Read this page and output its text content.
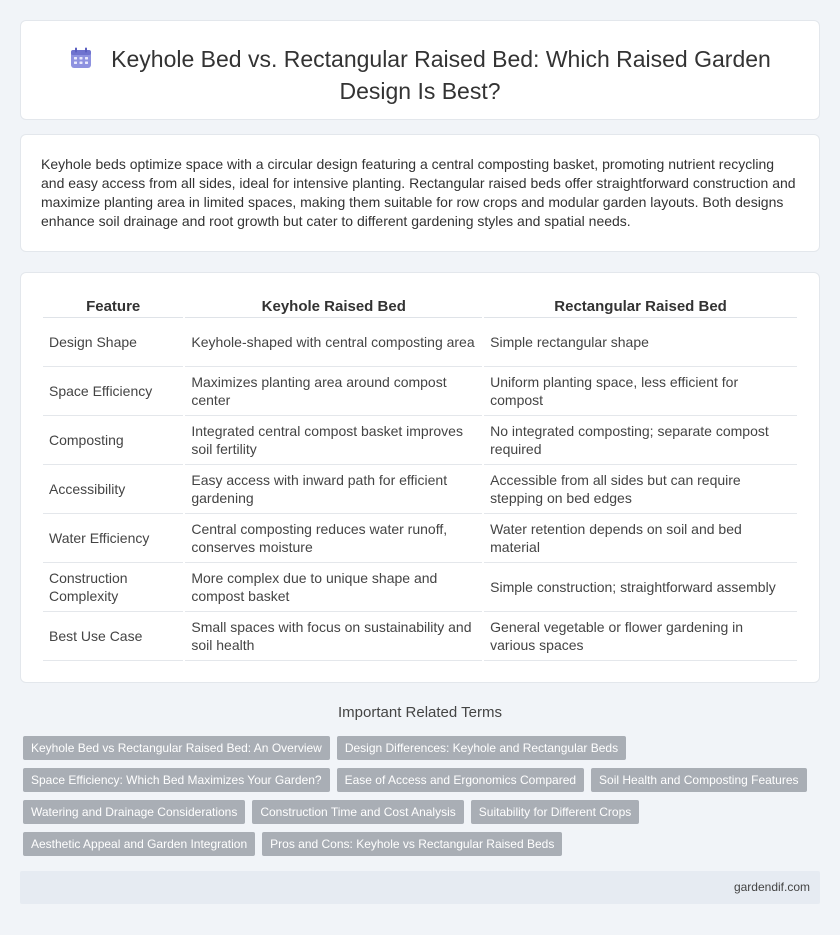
Keyhole Bed vs. Rectangular Raised Bed: Which Raised Garden Design Is Best?

Keyhole beds optimize space with a circular design featuring a central composting basket, promoting nutrient recycling and easy access from all sides, ideal for intensive planting. Rectangular raised beds offer straightforward construction and maximize planting area in limited spaces, making them suitable for row crops and modular garden layouts. Both designs enhance soil drainage and root growth but cater to different gardening styles and spatial needs.

Feature	Keyhole Raised Bed	Rectangular Raised Bed
Design Shape	Keyhole-shaped with central composting area	Simple rectangular shape
Space Efficiency	Maximizes planting area around compost center	Uniform planting space, less efficient for compost
Composting	Integrated central compost basket improves soil fertility	No integrated composting; separate compost required
Accessibility	Easy access with inward path for efficient gardening	Accessible from all sides but can require stepping on bed edges
Water Efficiency	Central composting reduces water runoff, conserves moisture	Water retention depends on soil and bed material
Construction Complexity	More complex due to unique shape and compost basket	Simple construction; straightforward assembly
Best Use Case	Small spaces with focus on sustainability and soil health	General vegetable or flower gardening in various spaces
Important Related Terms
Keyhole Bed vs Rectangular Raised Bed: An Overview	Design Differences: Keyhole and Rectangular Beds
Space Efficiency: Which Bed Maximizes Your Garden?	Ease of Access and Ergonomics Compared	Soil Health and Composting Features
Watering and Drainage Considerations	Construction Time and Cost Analysis	Suitability for Different Crops
Aesthetic Appeal and Garden Integration	Pros and Cons: Keyhole vs Rectangular Raised Beds
gardendif.com
